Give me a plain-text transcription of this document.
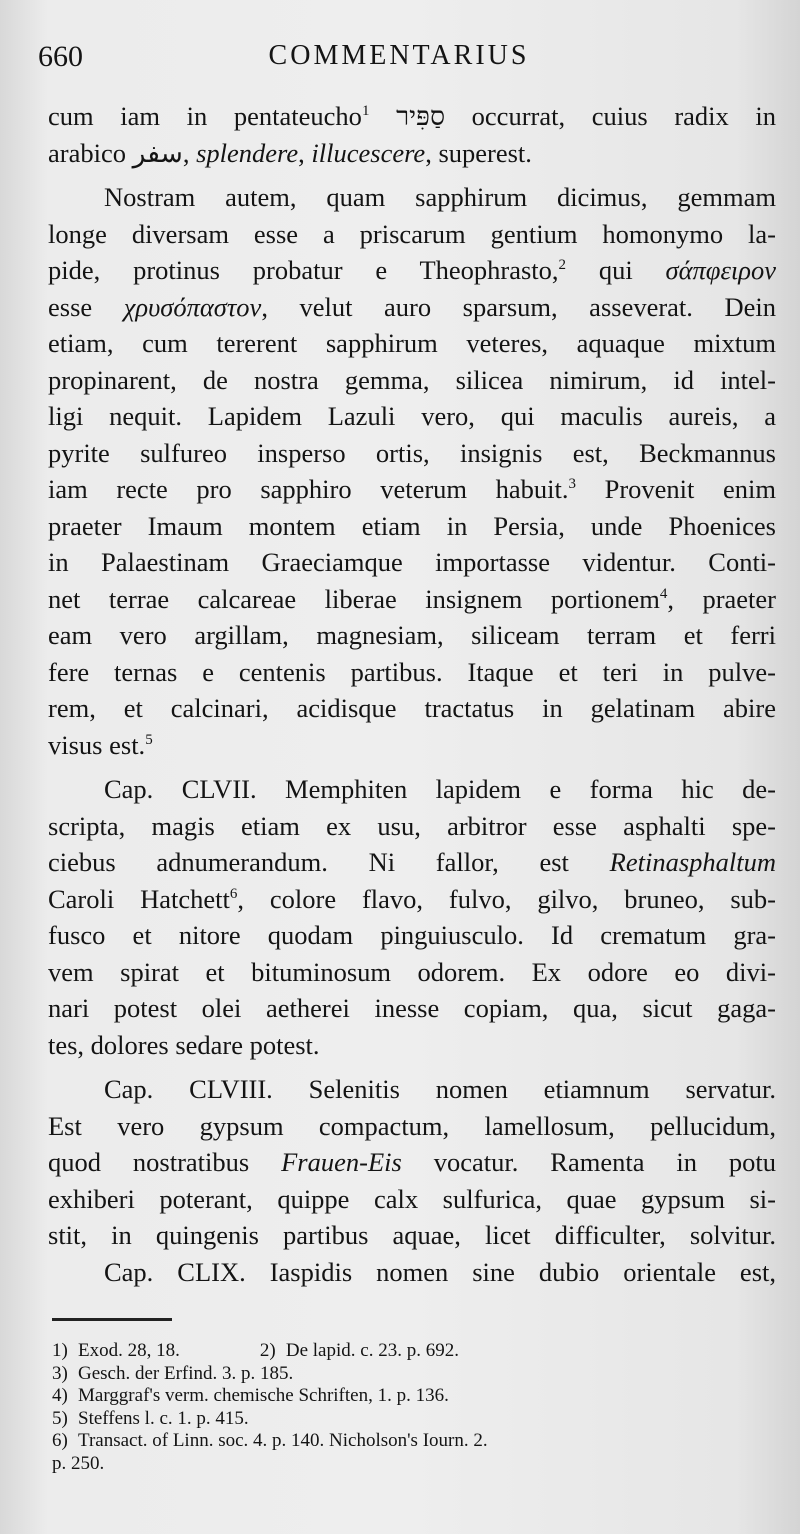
660	COMMENTARIUS

cum iam in pentateucho$^1$ סַפִּיר occurrat, cuius radix in
arabico سفر, splendere, illucescere, superest.

Nostram autem, quam sapphirum dicimus, gemmam
longe diversam esse a priscarum gentium homonymo la-
pide, protinus probatur e Theophrasto,$^2$ qui σάπφειρον
esse χρυσόπαστον, velut auro sparsum, asseverat. Dein
etiam, cum tererent sapphirum veteres, aquaque mixtum
propinarent, de nostra gemma, silicea nimirum, id intel-
ligi nequit. Lapidem Lazuli vero, qui maculis aureis, a
pyrite sulfureo insperso ortis, insignis est, Beckmannus
iam recte pro sapphiro veterum habuit.$^3$ Provenit enim
praeter Imaum montem etiam in Persia, unde Phoenices
in Palaestinam Graeciamque importasse videntur. Conti-
net terrae calcareae liberae insignem portionem$^4$, praeter
eam vero argillam, magnesiam, siliceam terram et ferri
fere ternas e centenis partibus. Itaque et teri in pulve-
rem, et calcinari, acidisque tractatus in gelatinam abire
visus est.$^5$

Cap. CLVII. Memphiten lapidem e forma hic de-
scripta, magis etiam ex usu, arbitror esse asphalti spe-
ciebus adnumerandum. Ni fallor, est Retinasphaltum
Caroli Hatchett$^6$, colore flavo, fulvo, gilvo, bruneo, sub-
fusco et nitore quodam pinguiusculo. Id crematum gra-
vem spirat et bituminosum odorem. Ex odore eo divi-
nari potest olei aetherei inesse copiam, qua, sicut gaga-
tes, dolores sedare potest.

Cap. CLVIII. Selenitis nomen etiamnum servatur.
Est vero gypsum compactum, lamellosum, pellucidum,
quod nostratibus Frauen-Eis vocatur. Ramenta in potu
exhiberi poterant, quippe calx sulfurica, quae gypsum si-
stit, in quingenis partibus aquae, licet difficulter, solvitur.

Cap. CLIX. Iaspidis nomen sine dubio orientale est,

1) Exod. 28, 18.	2) De lapid. c. 23. p. 692.
3) Gesch. der Erfind. 3. p. 185.
4) Marggraf's verm. chemische Schriften, 1. p. 136.
5) Steffens l. c. 1. p. 415.
6) Transact. of Linn. soc. 4. p. 140. Nicholson's Iourn. 2.
p. 250.
